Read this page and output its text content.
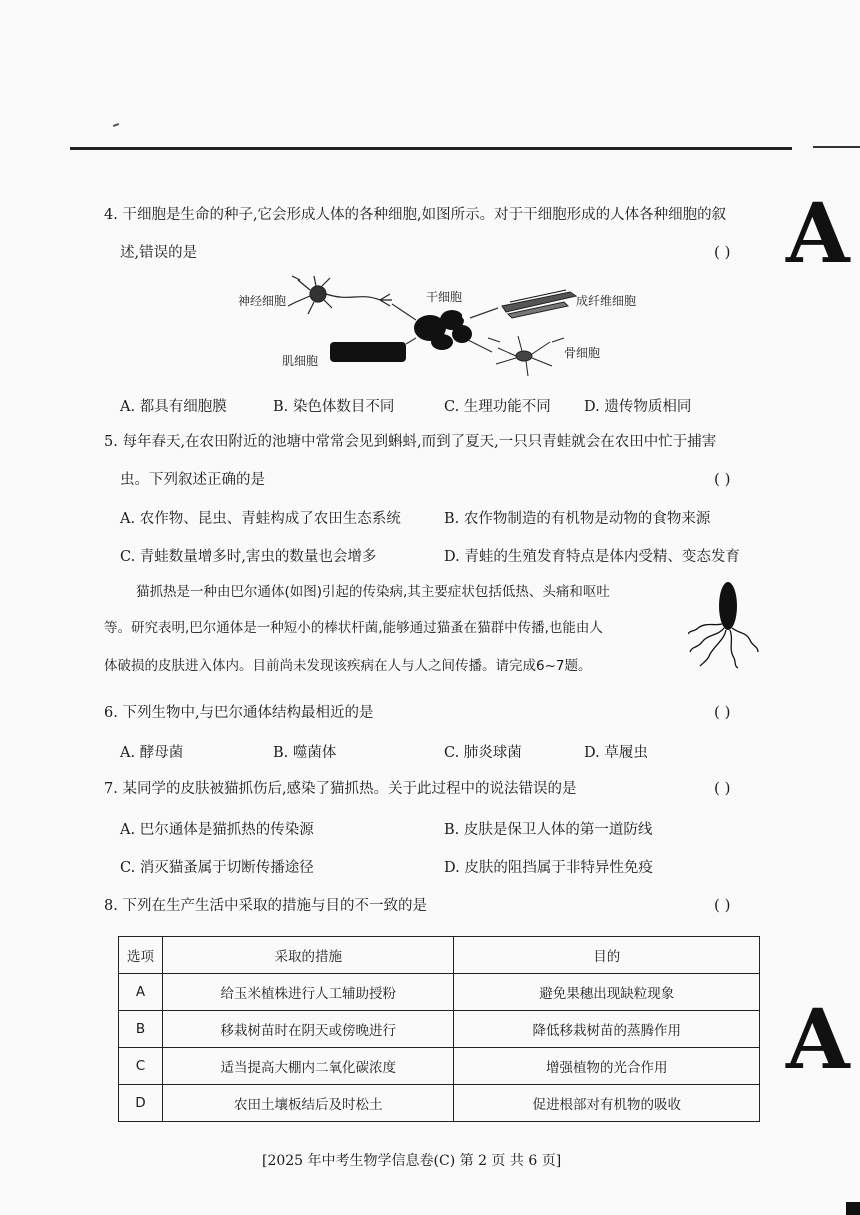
A
A
4. 干细胞是生命的种子,它会形成人体的各种细胞,如图所示。对于干细胞形成的人体各种细胞的叙
述,错误的是	( )
干细胞
神经细胞	成纤维细胞
肌细胞
骨细胞
A. 都具有细胞膜	B. 染色体数目不同	C. 生理功能不同 D. 遗传物质相同
5. 每年春天,在农田附近的池塘中常常会见到蝌蚪,而到了夏天,一只只青蛙就会在农田中忙于捕害
虫。下列叙述正确的是	( )
A. 农作物、昆虫、青蛙构成了农田生态系统	B. 农作物制造的有机物是动物的食物来源
C. 青蛙数量增多时,害虫的数量也会增多	D. 青蛙的生殖发育特点是体内受精、变态发育
猫抓热是一种由巴尔通体(如图)引起的传染病,其主要症状包括低热、头痛和呕吐
等。研究表明,巴尔通体是一种短小的棒状杆菌,能够通过猫蚤在猫群中传播,也能由人
体破损的皮肤进入体内。目前尚未发现该疾病在人与人之间传播。请完成6~7题。
6. 下列生物中,与巴尔通体结构最相近的是	( )
A. 酵母菌	B. 噬菌体	C. 肺炎球菌	D. 草履虫
7. 某同学的皮肤被猫抓伤后,感染了猫抓热。关于此过程中的说法错误的是	( )
A. 巴尔通体是猫抓热的传染源	B. 皮肤是保卫人体的第一道防线
C. 消灭猫蚤属于切断传播途径	D. 皮肤的阻挡属于非特异性免疫
8. 下列在生产生活中采取的措施与目的不一致的是	( )
选项	采取的措施	目的
A	给玉米植株进行人工辅助授粉	避免果穗出现缺粒现象
B	移栽树苗时在阴天或傍晚进行	降低移栽树苗的蒸腾作用
C	适当提高大棚内二氧化碳浓度	增强植物的光合作用
D	农田土壤板结后及时松土	促进根部对有机物的吸收
[2025 年中考生物学信息卷(C) 第 2 页 共 6 页]
